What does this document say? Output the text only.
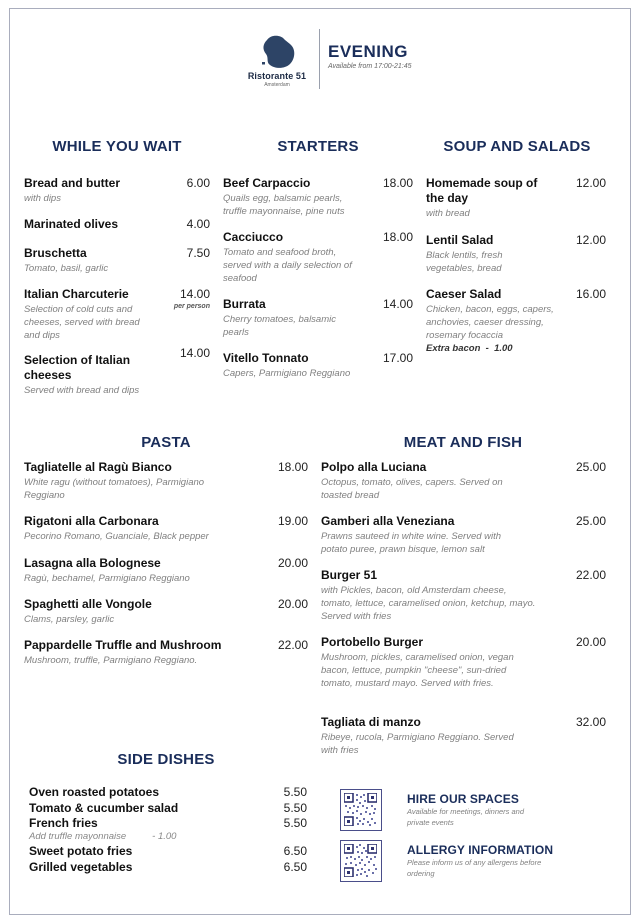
Ristorante 51
Amsterdam
EVENING
Available from 17:00-21:45
WHILE YOU WAIT
Bread and butter
with dips
6.00
Marinated olives	4.00
Bruschetta
Tomato, basil, garlic
7.50
Italian Charcuterie
Selection of cold cuts and cheeses, served with bread and dips
14.00
per person
Selection of Italian cheeses
Served with bread and dips
14.00
STARTERS
Beef Carpaccio
Quails egg, balsamic pearls, truffle mayonnaise, pine nuts
18.00
Cacciucco
Tomato and seafood broth, served with a daily selection of seafood
18.00
Burrata
Cherry tomatoes, balsamic pearls
14.00
Vitello Tonnato
Capers, Parmigiano Reggiano
17.00
SOUP AND SALADS
Homemade soup of the day
with bread
12.00
Lentil Salad
Black lentils, fresh vegetables, bread
12.00
Caeser Salad
Chicken, bacon, eggs, capers, anchovies, caeser dressing, rosemary focaccia
Extra bacon  -  1.00
16.00
PASTA
Tagliatelle al Ragù Bianco
White ragu (without tomatoes), Parmigiano Reggiano
18.00
Rigatoni alla Carbonara
Pecorino Romano, Guanciale, Black pepper
19.00
Lasagna alla Bolognese
Ragù, bechamel, Parmigiano Reggiano
20.00
Spaghetti alle Vongole
Clams, parsley, garlic
20.00
Pappardelle Truffle and Mushroom
Mushroom, truffle, Parmigiano Reggiano.
22.00
MEAT AND FISH
Polpo alla Luciana
Octopus, tomato, olives, capers. Served on toasted bread
25.00
Gamberi alla Veneziana
Prawns sauteed in white wine. Served with potato puree, prawn bisque, lemon salt
25.00
Burger 51
with Pickles, bacon, old Amsterdam cheese, tomato, lettuce, caramelised onion, ketchup, mayo. Served with fries
22.00
Portobello Burger
Mushroom, pickles, caramelised onion, vegan bacon, lettuce, pumpkin "cheese", sun-dried tomato, mustard mayo. Served with fries.
20.00
Tagliata di manzo
Ribeye, rucola, Parmigiano Reggiano. Served with fries
32.00
SIDE DISHES
Oven roasted potatoes	5.50
Tomato & cucumber salad	5.50
French fries	5.50
Add truffle mayonnaise	- 1.00
Sweet potato fries	6.50
Grilled vegetables	6.50
HIRE OUR SPACES
Available for meetings, dinners and private events
ALLERGY INFORMATION
Please inform us of any allergens before ordering
